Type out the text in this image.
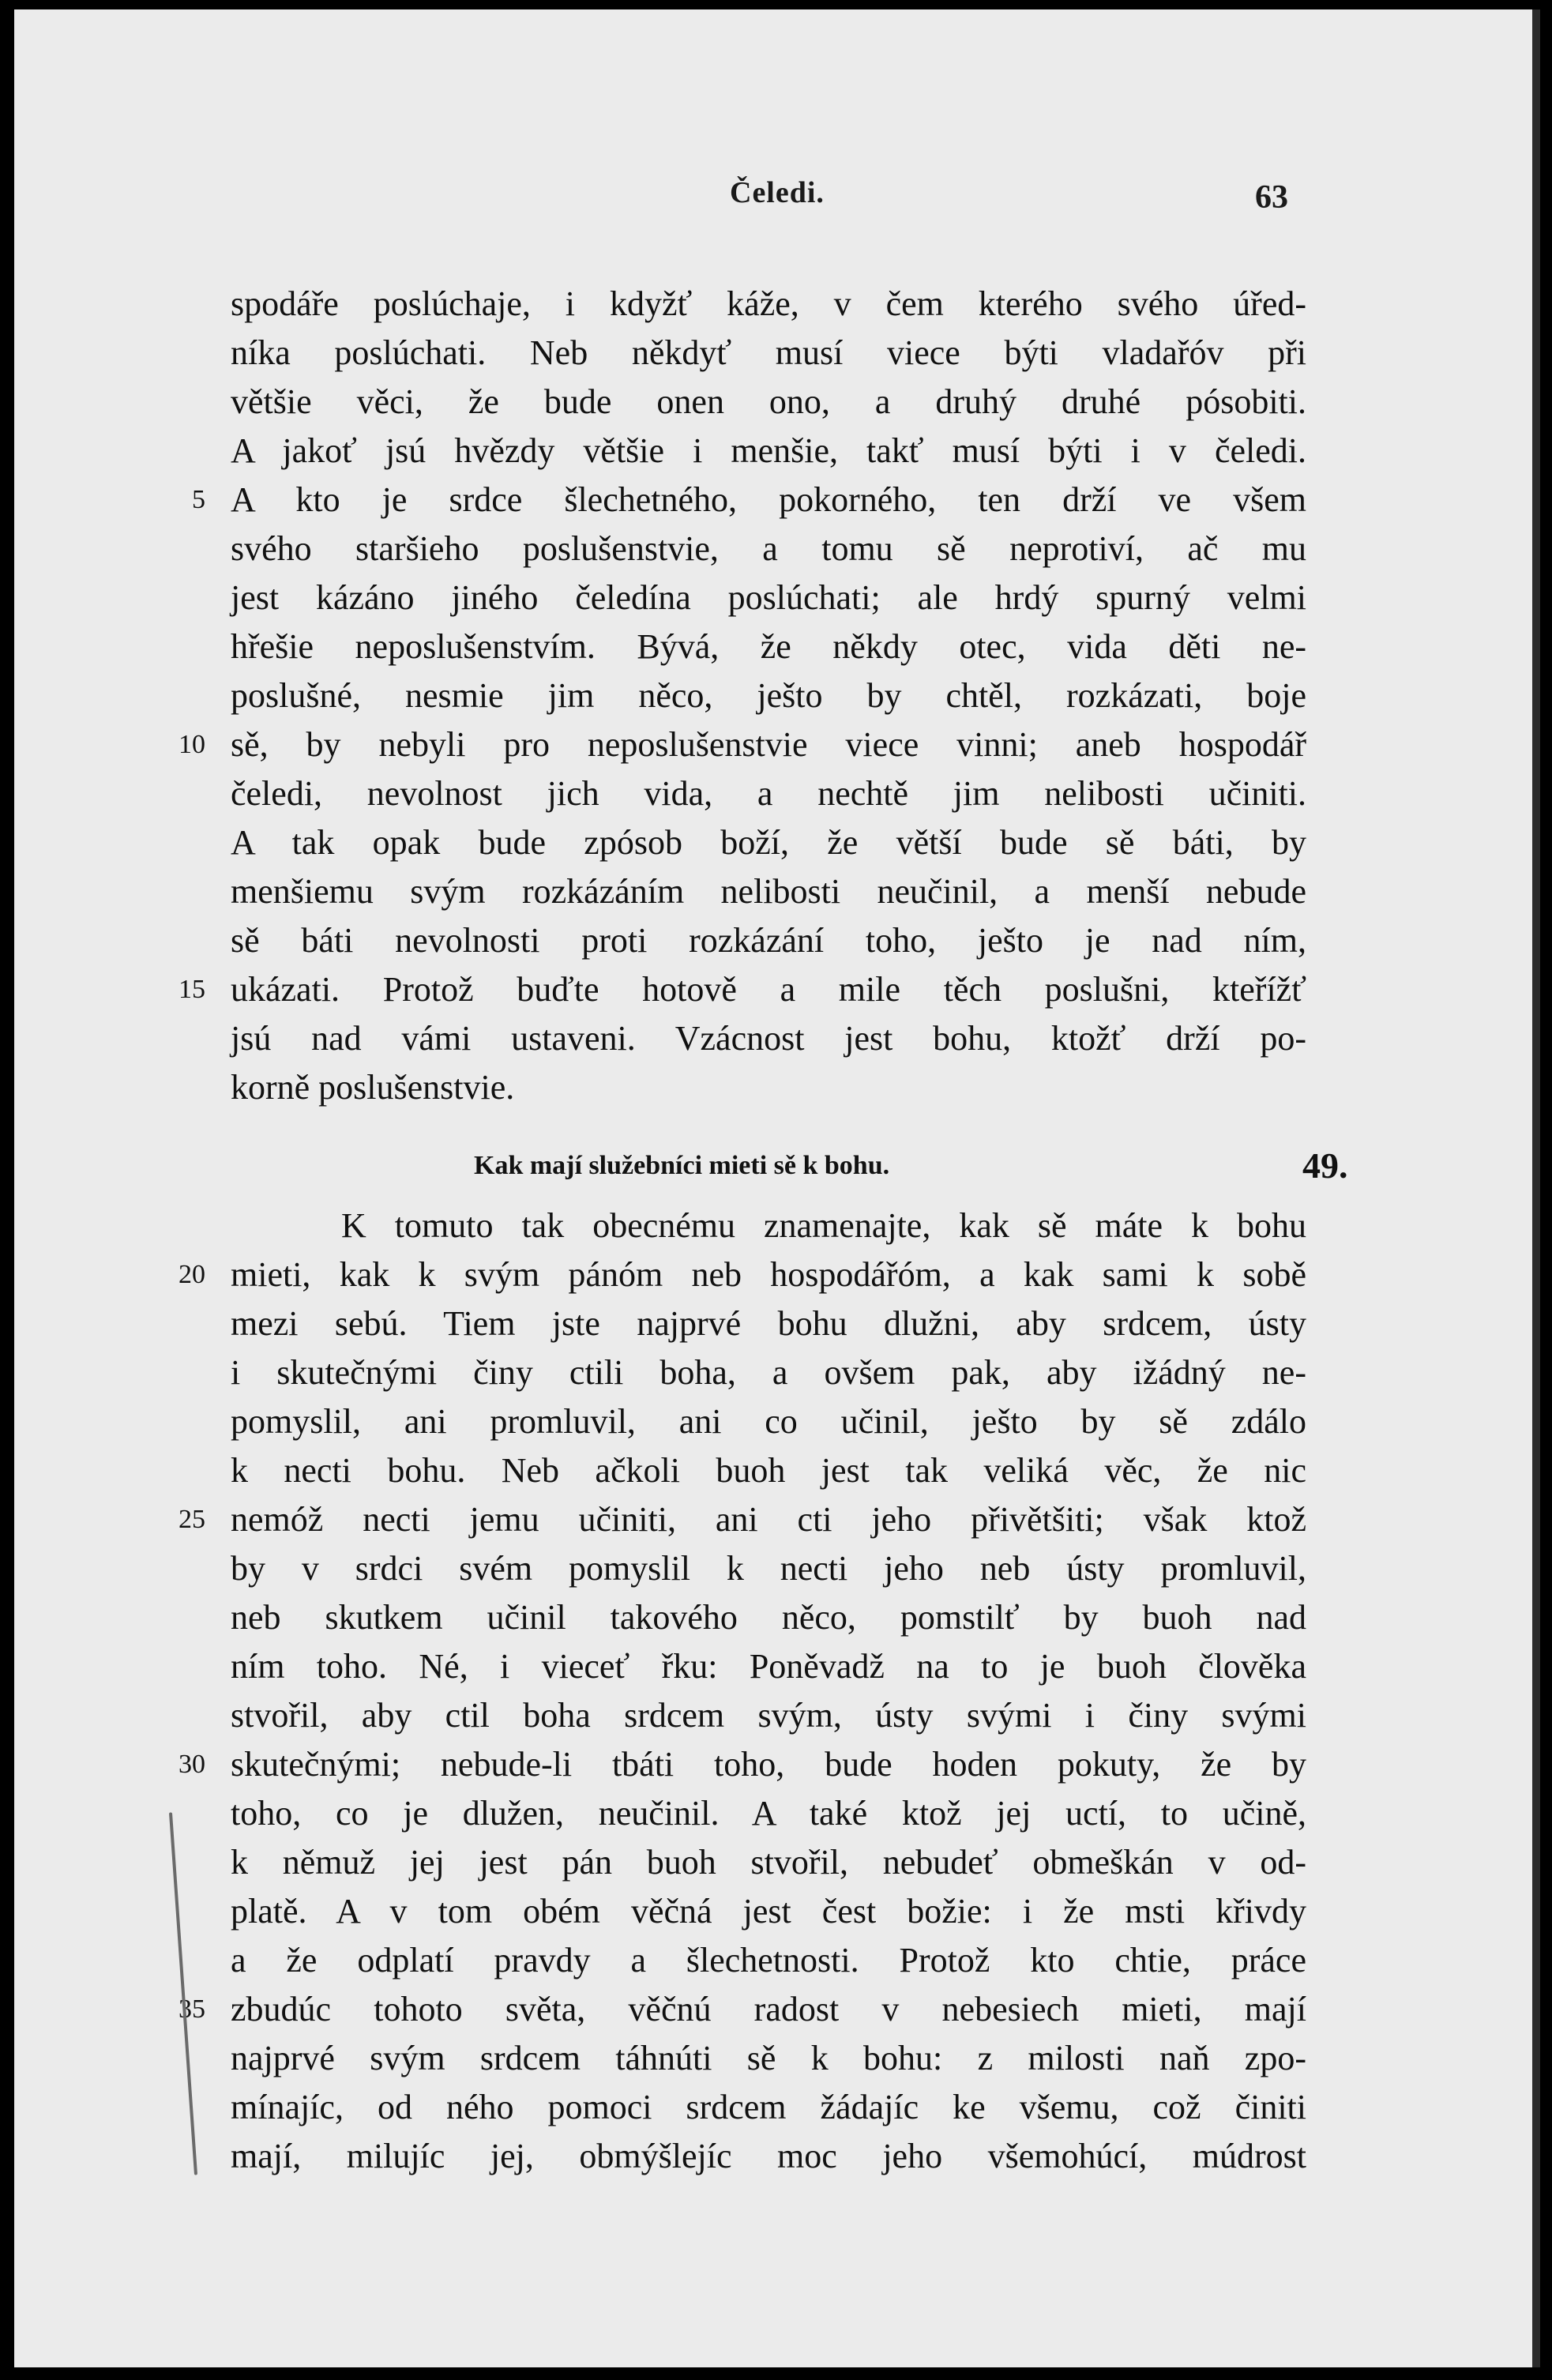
Čeledi.	63
spodáře poslúchaje, i kdyžť káže, v čem kterého svého úřed-
níka poslúchati. Neb někdyť musí viece býti vladařóv při
většie věci, že bude onen ono, a druhý druhé pósobiti.
A jakoť jsú hvězdy většie i menšie, takť musí býti i v čeledi.
A kto je srdce šlechetného, pokorného, ten drží ve všem
svého staršieho poslušenstvie, a tomu sě neprotiví, ač mu
jest kázáno jiného čeledína poslúchati; ale hrdý spurný velmi
hřešie neposlušenstvím. Bývá, že někdy otec, vida děti ne-
poslušné, nesmie jim něco, ješto by chtěl, rozkázati, boje
sě, by nebyli pro neposlušenstvie viece vinni; aneb hospodář
čeledi, nevolnost jich vida, a nechtě jim nelibosti učiniti.
A tak opak bude zpósob boží, že větší bude sě báti, by
menšiemu svým rozkázáním nelibosti neučinil, a menší nebude
sě báti nevolnosti proti rozkázání toho, ješto je nad ním,
ukázati. Protož buďte hotově a mile těch poslušni, kteřížť
jsú nad vámi ustaveni. Vzácnost jest bohu, ktožť drží po-
korně poslušenstvie.
Kak mají služebníci mieti sě k bohu.	49.
K tomuto tak obecnému znamenajte, kak sě máte k bohu
mieti, kak k svým pánóm neb hospodářóm, a kak sami k sobě
mezi sebú. Tiem jste najprvé bohu dlužni, aby srdcem, ústy
i skutečnými činy ctili boha, a ovšem pak, aby ižádný ne-
pomyslil, ani promluvil, ani co učinil, ješto by sě zdálo
k necti bohu. Neb ačkoli buoh jest tak veliká věc, že nic
nemóž necti jemu učiniti, ani cti jeho přivětšiti; však ktož
by v srdci svém pomyslil k necti jeho neb ústy promluvil,
neb skutkem učinil takového něco, pomstilť by buoh nad
ním toho. Né, i vieceť řku: Poněvadž na to je buoh člověka
stvořil, aby ctil boha srdcem svým, ústy svými i činy svými
skutečnými; nebude-li tbáti toho, bude hoden pokuty, že by
toho, co je dlužen, neučinil. A také ktož jej uctí, to učině,
k němuž jej jest pán buoh stvořil, nebudeť obmeškán v od-
platě. A v tom obém věčná jest čest božie: i že msti křivdy
a že odplatí pravdy a šlechetnosti. Protož kto chtie, práce
zbudúc tohoto světa, věčnú radost v nebesiech mieti, mají
najprvé svým srdcem táhnúti sě k bohu: z milosti naň zpo-
mínajíc, od ného pomoci srdcem žádajíc ke všemu, což činiti
mají, milujíc jej, obmýšlejíc moc jeho všemohúcí, múdrost
5
10
15
20
25
30
35
